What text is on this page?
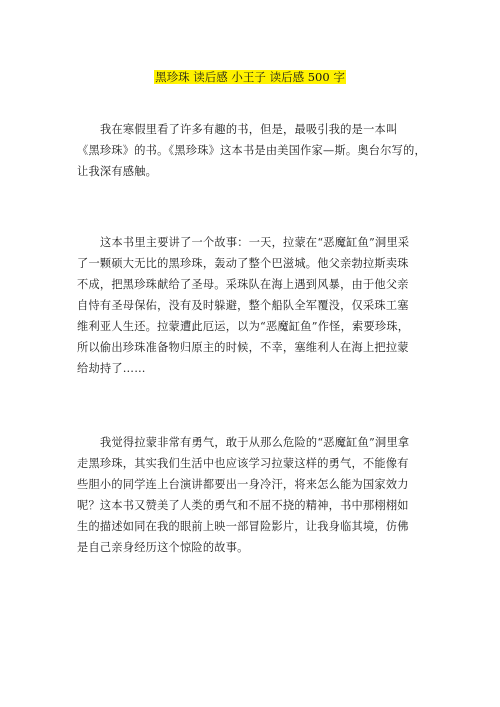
黑珍珠 读后感 小王子 读后感 500 字
我在寒假里看了许多有趣的书，但是，最吸引我的是一本叫
《黑珍珠》的书。《黑珍珠》这本书是由美国作家—斯。奥台尔写的，
让我深有感触。
这本书里主要讲了一个故事：一天，拉蒙在“恶魔缸鱼”洞里采
了一颗硕大无比的黑珍珠，轰动了整个巴滋城。他父亲勃拉斯卖珠
不成，把黑珍珠献给了圣母。采珠队在海上遇到风暴，由于他父亲
自恃有圣母保佑，没有及时躲避，整个船队全军覆没，仅采珠工塞
维利亚人生还。拉蒙遭此厄运，以为“恶魔缸鱼”作怪，索要珍珠，
所以偷出珍珠准备物归原主的时候，不幸，塞维利人在海上把拉蒙
给劫持了……
我觉得拉蒙非常有勇气，敢于从那么危险的“恶魔缸鱼”洞里拿
走黑珍珠，其实我们生活中也应该学习拉蒙这样的勇气，不能像有
些胆小的同学连上台演讲都要出一身冷汗，将来怎么能为国家效力
呢？这本书又赞美了人类的勇气和不屈不挠的精神，书中那栩栩如
生的描述如同在我的眼前上映一部冒险影片，让我身临其境，仿佛
是自己亲身经历这个惊险的故事。
